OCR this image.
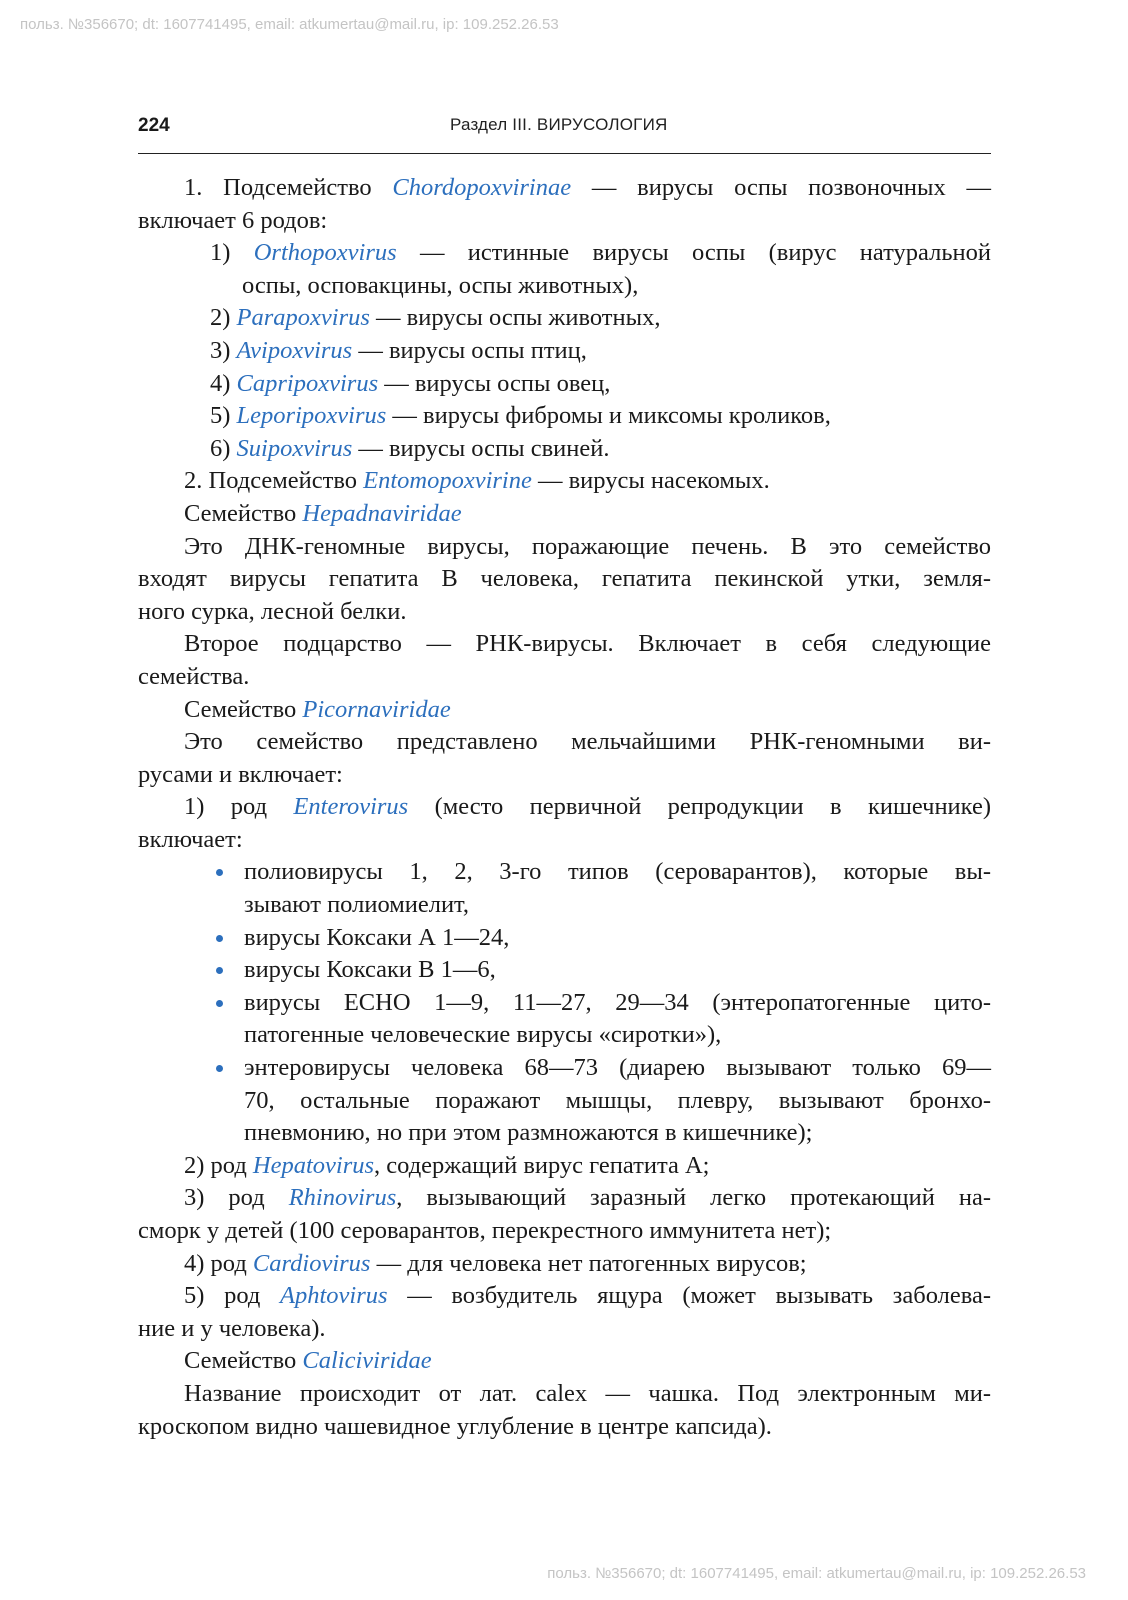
польз. №356670; dt: 1607741495, email: atkumertau@mail.ru, ip: 109.252.26.53
224	Раздел III. ВИРУСОЛОГИЯ
1. Подсемейство Chordopoxvirinae — вирусы оспы позвоночных —
включает 6 родов:
1) Orthopoxvirus — истинные вирусы оспы (вирус натуральной
оспы, осповакцины, оспы животных),
2) Parapoxvirus — вирусы оспы животных,
3) Avipoxvirus — вирусы оспы птиц,
4) Capripoxvirus — вирусы оспы овец,
5) Leporipoxvirus — вирусы фибромы и миксомы кроликов,
6) Suipoxvirus — вирусы оспы свиней.
2. Подсемейство Entomopoxvirine — вирусы насекомых.
Семейство Hepadnaviridae
Это ДНК-геномные вирусы, поражающие печень. В это семейство
входят вирусы гепатита B человека, гепатита пекинской утки, земля-
ного сурка, лесной белки.
Второе подцарство — РНК-вирусы. Включает в себя следующие
семейства.
Семейство Picornaviridae
Это семейство представлено мельчайшими РНК-геномными ви-
русами и включает:
1) род Enterovirus (место первичной репродукции в кишечнике)
включает:
полиовирусы 1, 2, 3-го типов (сероварантов), которые вы-
зывают полиомиелит,
вирусы Коксаки А 1—24,
вирусы Коксаки В 1—6,
вирусы ECHO 1—9, 11—27, 29—34 (энтеропатогенные цито-
патогенные человеческие вирусы «сиротки»),
энтеровирусы человека 68—73 (диарею вызывают только 69—
70, остальные поражают мышцы, плевру, вызывают бронхо-
пневмонию, но при этом размножаются в кишечнике);
2) род Hepatovirus, содержащий вирус гепатита А;
3) род Rhinovirus, вызывающий заразный легко протекающий на-
сморк у детей (100 сероварантов, перекрестного иммунитета нет);
4) род Cardiovirus — для человека нет патогенных вирусов;
5) род Aphtovirus — возбудитель ящура (может вызывать заболева-
ние и у человека).
Семейство Caliciviridae
Название происходит от лат. calex — чашка. Под электронным ми-
кроскопом видно чашевидное углубление в центре капсида).
польз. №356670; dt: 1607741495, email: atkumertau@mail.ru, ip: 109.252.26.53
